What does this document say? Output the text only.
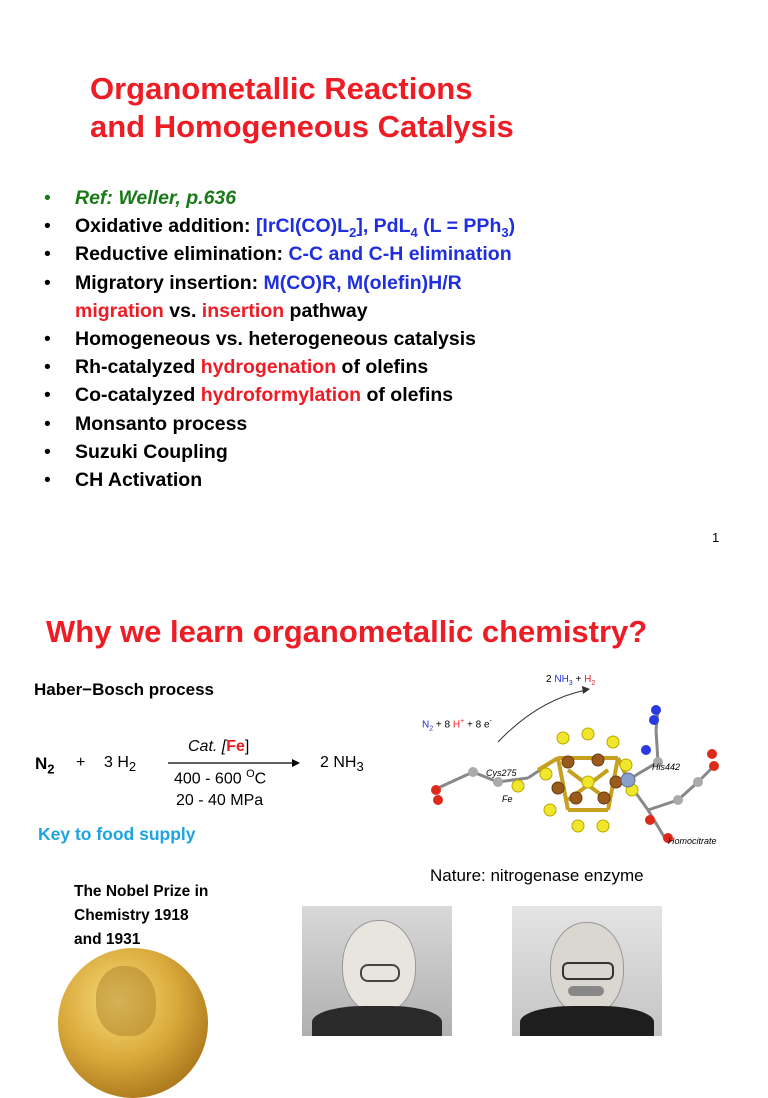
Organometallic Reactions
and Homogeneous Catalysis
• Ref: Weller, p.636
• Oxidative addition: $[IrCl(CO)L_2]$, PdL$_4$ (L = PPh$_3$)
• Reductive elimination: C-C and C-H elimination
• Migratory insertion: M(CO)R, M(olefin)H/R
migration vs. insertion pathway
• Homogeneous vs. heterogeneous catalysis
• Rh-catalyzed hydrogenation of olefins
• Co-catalyzed hydroformylation of olefins
• Monsanto process
• Suzuki Coupling
• CH Activation
1
Why we learn organometallic chemistry?
Haber−Bosch process
$N_2 + 3$ $H_2$
Cat. [Fe]
400 - 600 $^O$C
20 - 40 MPa
2 $NH_3$
Key to food supply
2 $NH_3 + H_2$
$N_2 + 8$ H+ + 8 e-
Cys275
Fe
His442
Homocitrate
Nature: nitrogenase enzyme
The Nobel Prize in
Chemistry 1918
and 1931
